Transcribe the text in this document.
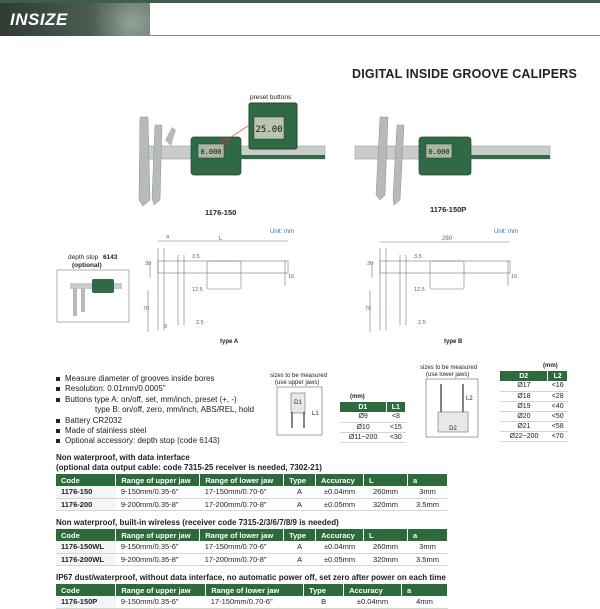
INSIZE
DIGITAL INSIDE GROOVE CALIPERS
0.000
25.00
preset buttons
1176-150
0.000
1176-150P
depth stop 6143
(optional)
Unit: mm
L
30
70
16
3.5
12.5
2.5
a
9
type A
Unit: mm
260
30
70
16
3.5
12.5
2.5
type B
D1
L1
sizes to be measured
(use upper jaws)
(mm)
D2
L2
sizes to be measured
(use lower jaws)
(mm)
Measure diameter of grooves inside bores
Resolution: 0.01mm/0.0005"
Buttons type A: on/off, set, mm/inch, preset (+, -)
type B: on/off, zero, mm/inch, ABS/REL, hold
Battery CR2032
Made of stainless steel
Optional accessory: depth stop (code 6143)
D1	L1
Ø9	<8
Ø10	<15
Ø11~200	<30
D2	L2
Ø17	<16
Ø18	<28
Ø19	<40
Ø20	<50
Ø21	<58
Ø22~200	<70
Non waterproof, with data interface
(optional data output cable: code 7315-25 receiver is needed, 7302-21)
Code	Range of upper jaw	Range of lower jaw	Type	Accuracy	L	a
1176-150	9-150mm/0.35-6"	17-150mm/0.70-6"	A	±0.04mm	260mm	3mm
1176-200	9-200mm/0.35-8"	17-200mm/0.70-8"	A	±0.05mm	320mm	3.5mm
Non waterproof, built-in wireless (receiver code 7315-2/3/6/7/8/9 is needed)
Code	Range of upper jaw	Range of lower jaw	Type	Accuracy	L	a
1176-150WL	9-150mm/0.35-6"	17-150mm/0.70-6"	A	±0.04mm	260mm	3mm
1176-200WL	9-200mm/0.35-8"	17-200mm/0.70-8"	A	±0.05mm	320mm	3.5mm
IP67 dust/waterproof, without data interface, no automatic power off, set zero after power on each time
Code	Range of upper jaw	Range of lower jaw	Type	Accuracy	a
1176-150P	9-150mm/0.35-6"	17-150mm/0.70-6"	B	±0.04mm	4mm
